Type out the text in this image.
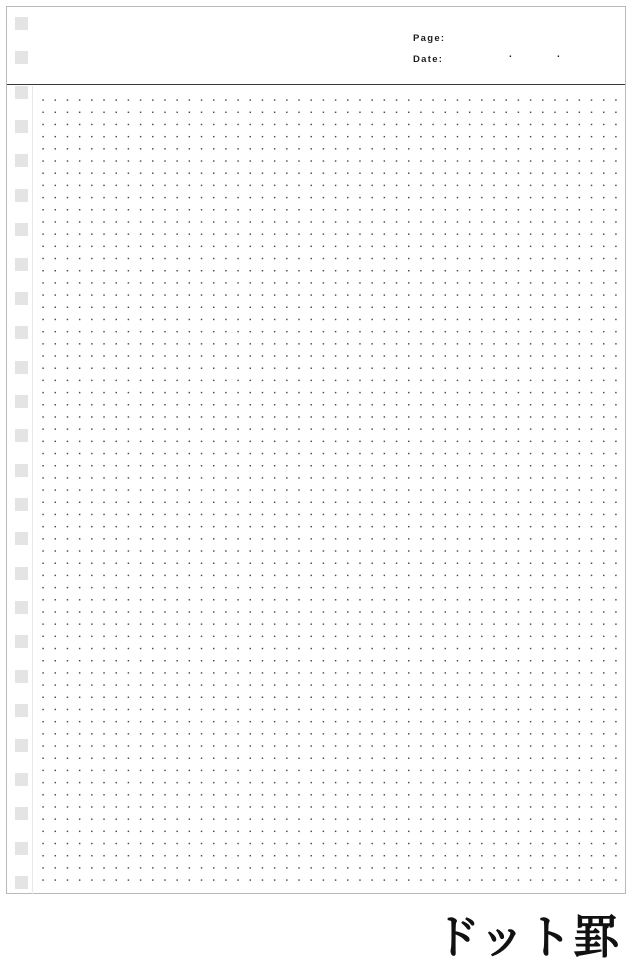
Page:
Date:	.	.
ドット罫
